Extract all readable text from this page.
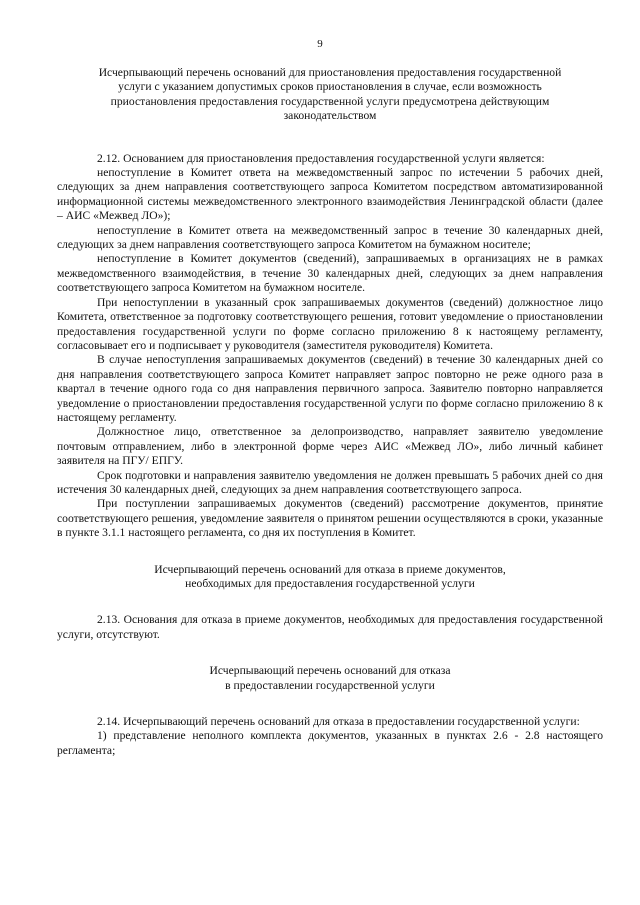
9
Исчерпывающий перечень оснований для приостановления предоставления государственной
услуги с указанием допустимых сроков приостановления в случае, если возможность
приостановления предоставления государственной услуги предусмотрена действующим
законодательством

2.12. Основанием для приостановления предоставления государственной услуги является:

непоступление в Комитет ответа на межведомственный запрос по истечении 5 рабочих дней, следующих за днем направления соответствующего запроса Комитетом посредством автоматизированной информационной системы межведомственного электронного взаимодействия Ленинградской области (далее – АИС «Межвед ЛО»);

непоступление в Комитет ответа на межведомственный запрос в течение 30 календарных дней, следующих за днем направления соответствующего запроса Комитетом на бумажном носителе;

непоступление в Комитет документов (сведений), запрашиваемых в организациях не в рамках межведомственного взаимодействия, в течение 30 календарных дней, следующих за днем направления соответствующего запроса Комитетом на бумажном носителе.

При непоступлении в указанный срок запрашиваемых документов (сведений) должностное лицо Комитета, ответственное за подготовку соответствующего решения, готовит уведомление о приостановлении предоставления государственной услуги по форме согласно приложению 8 к настоящему регламенту, согласовывает его и подписывает у руководителя (заместителя руководителя) Комитета.

В случае непоступления запрашиваемых документов (сведений) в течение 30 календарных дней со дня направления соответствующего запроса Комитет направляет запрос повторно не реже одного раза в квартал в течение одного года со дня направления первичного запроса. Заявителю повторно направляется уведомление о приостановлении предоставления государственной услуги по форме согласно приложению 8 к настоящему регламенту.

Должностное лицо, ответственное за делопроизводство, направляет заявителю уведомление почтовым отправлением, либо в электронной форме через АИС «Межвед ЛО», либо личный кабинет заявителя на ПГУ/ ЕПГУ.

Срок подготовки и направления заявителю уведомления не должен превышать 5 рабочих дней со дня истечения 30 календарных дней, следующих за днем направления соответствующего запроса.

При поступлении запрашиваемых документов (сведений) рассмотрение документов, принятие соответствующего решения, уведомление заявителя о принятом решении осуществляются в сроки, указанные в пункте 3.1.1 настоящего регламента, со дня их поступления в Комитет.

Исчерпывающий перечень оснований для отказа в приеме документов,
необходимых для предоставления государственной услуги

2.13. Основания для отказа в приеме документов, необходимых для предоставления государственной услуги, отсутствуют.

Исчерпывающий перечень оснований для отказа
в предоставлении государственной услуги

2.14. Исчерпывающий перечень оснований для отказа в предоставлении государственной услуги:

1) представление неполного комплекта документов, указанных в пунктах 2.6 - 2.8 настоящего регламента;
